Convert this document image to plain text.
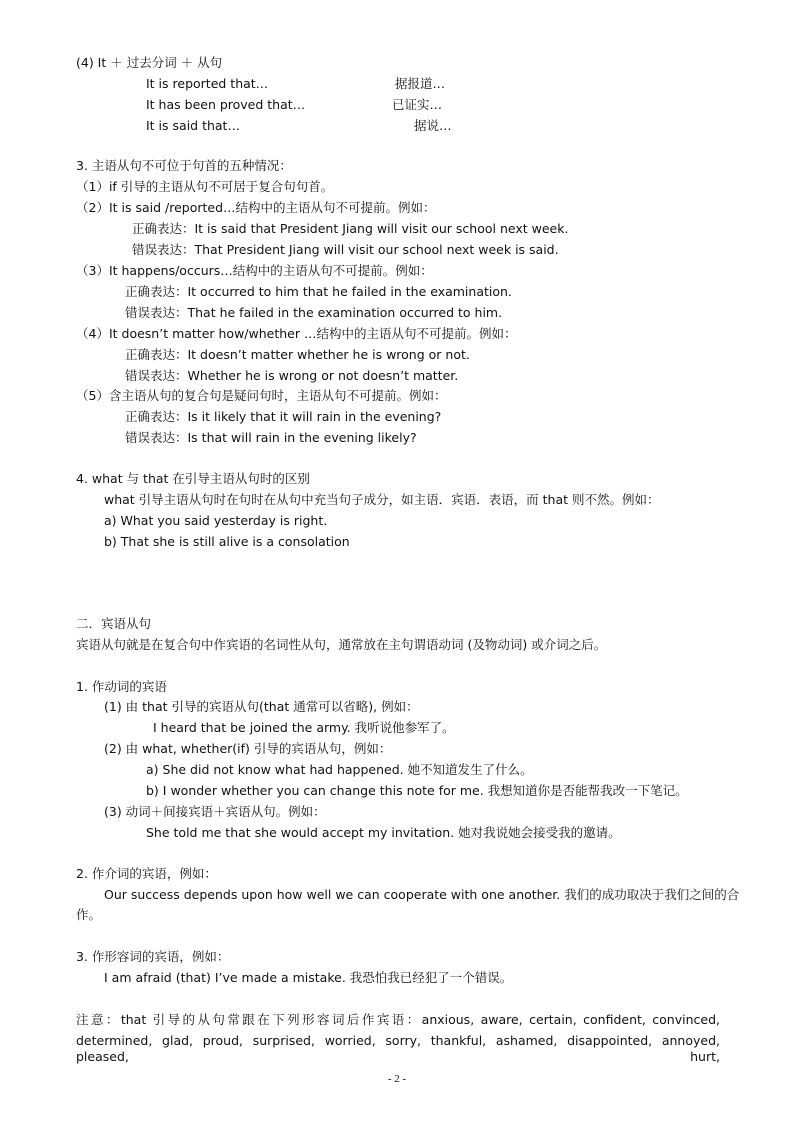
(4) It ＋ 过去分词 ＋ 从句
It is reported that…	据报道…
It has been proved that…	已证实…
It is said that…	据说…
3. 主语从句不可位于句首的五种情况：
（1）if 引导的主语从句不可居于复合句句首。
（2）It is said /reported…结构中的主语从句不可提前。例如：
正确表达：It is said that President Jiang will visit our school next week.
错误表达：That President Jiang will visit our school next week is said.
（3）It happens/occurs…结构中的主语从句不可提前。例如：
正确表达：It occurred to him that he failed in the examination.
错误表达：That he failed in the examination occurred to him.
（4）It doesn’t matter how/whether …结构中的主语从句不可提前。例如：
正确表达：It doesn’t matter whether he is wrong or not.
错误表达：Whether he is wrong or not doesn’t matter.
（5）含主语从句的复合句是疑问句时，主语从句不可提前。例如：
正确表达：Is it likely that it will rain in the evening?
错误表达：Is that will rain in the evening likely?
4. what 与 that 在引导主语从句时的区别
what 引导主语从句时在句时在从句中充当句子成分，如主语．宾语．表语，而 that 则不然。例如：
a) What you said yesterday is right.
b) That she is still alive is a consolation
二．宾语从句
宾语从句就是在复合句中作宾语的名词性从句，通常放在主句谓语动词 (及物动词) 或介词之后。
1. 作动词的宾语
(1) 由 that 引导的宾语从句(that 通常可以省略), 例如：
I heard that be joined the army. 我听说他参军了。
(2) 由 what, whether(if) 引导的宾语从句，例如：
a) She did not know what had happened. 她不知道发生了什么。
b) I wonder whether you can change this note for me. 我想知道你是否能帮我改一下笔记。
(3) 动词＋间接宾语＋宾语从句。例如：
She told me that she would accept my invitation. 她对我说她会接受我的邀请。
2. 作介词的宾语，例如：
Our success depends upon how well we can cooperate with one another. 我们的成功取决于我们之间的合
作。
3. 作形容词的宾语，例如：
I am afraid (that) I’ve made a mistake. 我恐怕我已经犯了一个错误。
注意：that 引导的从句常跟在下列形容词后作宾语：anxious, aware, certain, confident, convinced,
determined, glad, proud, surprised, worried, sorry, thankful, ashamed, disappointed, annoyed, pleased, hurt,
- 2 -
